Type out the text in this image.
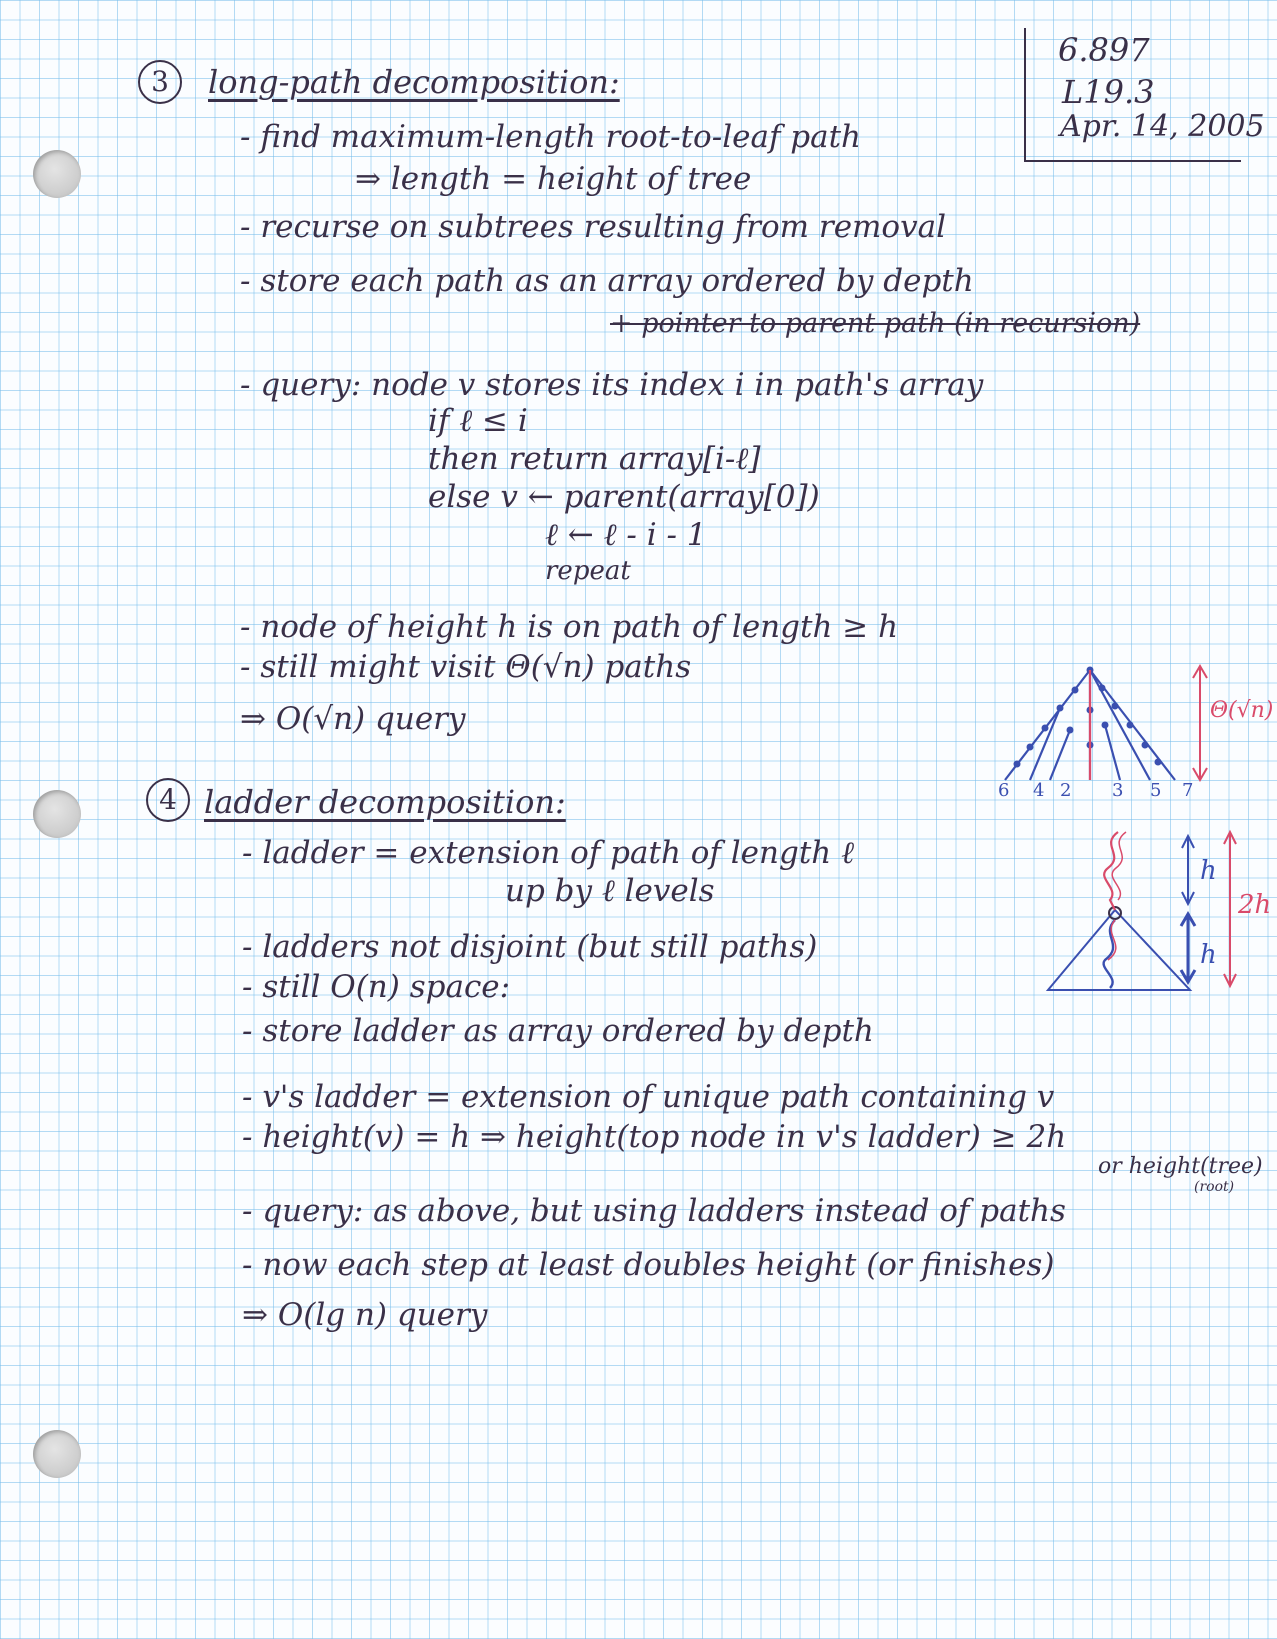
6.897
L19.3
Apr. 14, 2005
3	long-path decomposition:
- find maximum-length root-to-leaf path
⇒ length = height of tree
- recurse on subtrees resulting from removal
- store each path as an array ordered by depth
+ pointer to parent path (in recursion)
- query: node v stores its index i in path's array
if ℓ ≤ i
then return array[i-ℓ]
else v ← parent(array[0])
ℓ ← ℓ - i - 1
repeat
- node of height h is on path of length ≥ h
- still might visit Θ(√n) paths
⇒ O(√n) query	Θ(√n)
6 4 2 3 5 7
4 ladder decomposition:
- ladder = extension of path of length ℓ
up by ℓ levels
- ladders not disjoint (but still paths)
- still O(n) space:
- store ladder as array ordered by depth
- v's ladder = extension of unique path containing v
- height(v) = h ⇒ height(top node in v's ladder) ≥ 2h
or height(tree)
(root)
- query: as above, but using ladders instead of paths
- now each step at least doubles height (or finishes)
⇒ O(lg n) query
h
h
2h
